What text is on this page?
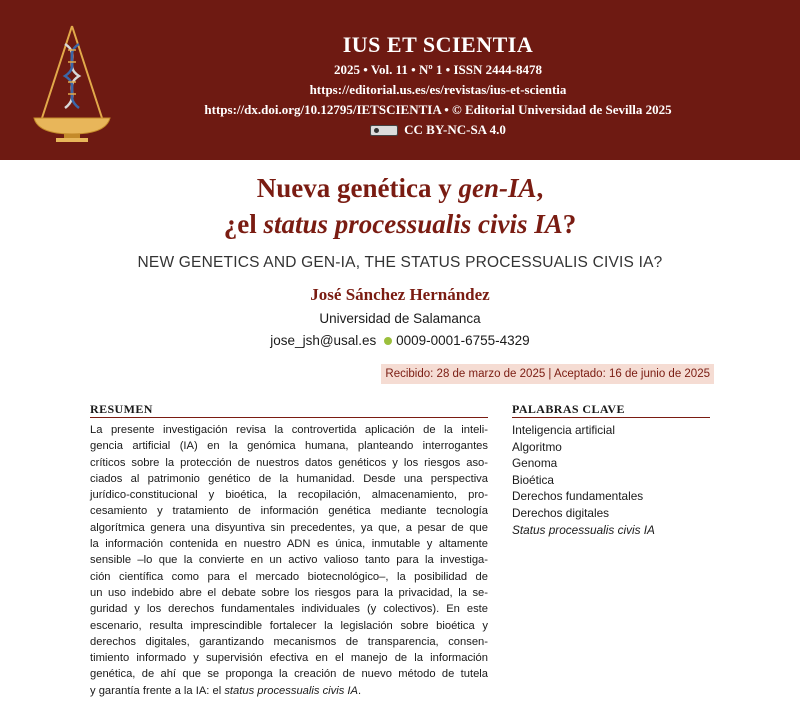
IUS ET SCIENTIA
2025 • Vol. 11 • Nº 1 • ISSN 2444-8478
https://editorial.us.es/es/revistas/ius-et-scientia
https://dx.doi.org/10.12795/IETSCIENTIA • © Editorial Universidad de Sevilla 2025
CC BY-NC-SA 4.0
Nueva genética y gen-IA,
¿el status processualis civis IA?
NEW GENETICS AND GEN-IA, THE STATUS PROCESSUALIS CIVIS IA?
José Sánchez Hernández
Universidad de Salamanca
jose_jsh@usal.es 0009-0001-6755-4329
Recibido: 28 de marzo de 2025 | Aceptado: 16 de junio de 2025
RESUMEN	PALABRAS CLAVE
La presente investigación revisa la controvertida aplicación de la inteli-
gencia artificial (IA) en la genómica humana, planteando interrogantes
críticos sobre la protección de nuestros datos genéticos y los riesgos aso-
ciados al patrimonio genético de la humanidad. Desde una perspectiva
jurídico-constitucional y bioética, la recopilación, almacenamiento, pro-
cesamiento y tratamiento de información genética mediante tecnología
algorítmica genera una disyuntiva sin precedentes, ya que, a pesar de que
la información contenida en nuestro ADN es única, inmutable y altamente
sensible –lo que la convierte en un activo valioso tanto para la investiga-
ción científica como para el mercado biotecnológico–, la posibilidad de
un uso indebido abre el debate sobre los riesgos para la privacidad, la se-
guridad y los derechos fundamentales individuales (y colectivos). En este
escenario, resulta imprescindible fortalecer la legislación sobre bioética y
derechos digitales, garantizando mecanismos de transparencia, consen-
timiento informado y supervisión efectiva en el manejo de la información
genética, de ahí que se proponga la creación de nuevo método de tutela
y garantía frente a la IA: el status processualis civis IA.
Inteligencia artificial
Algoritmo
Genoma
Bioética
Derechos fundamentales
Derechos digitales
Status processualis civis IA
